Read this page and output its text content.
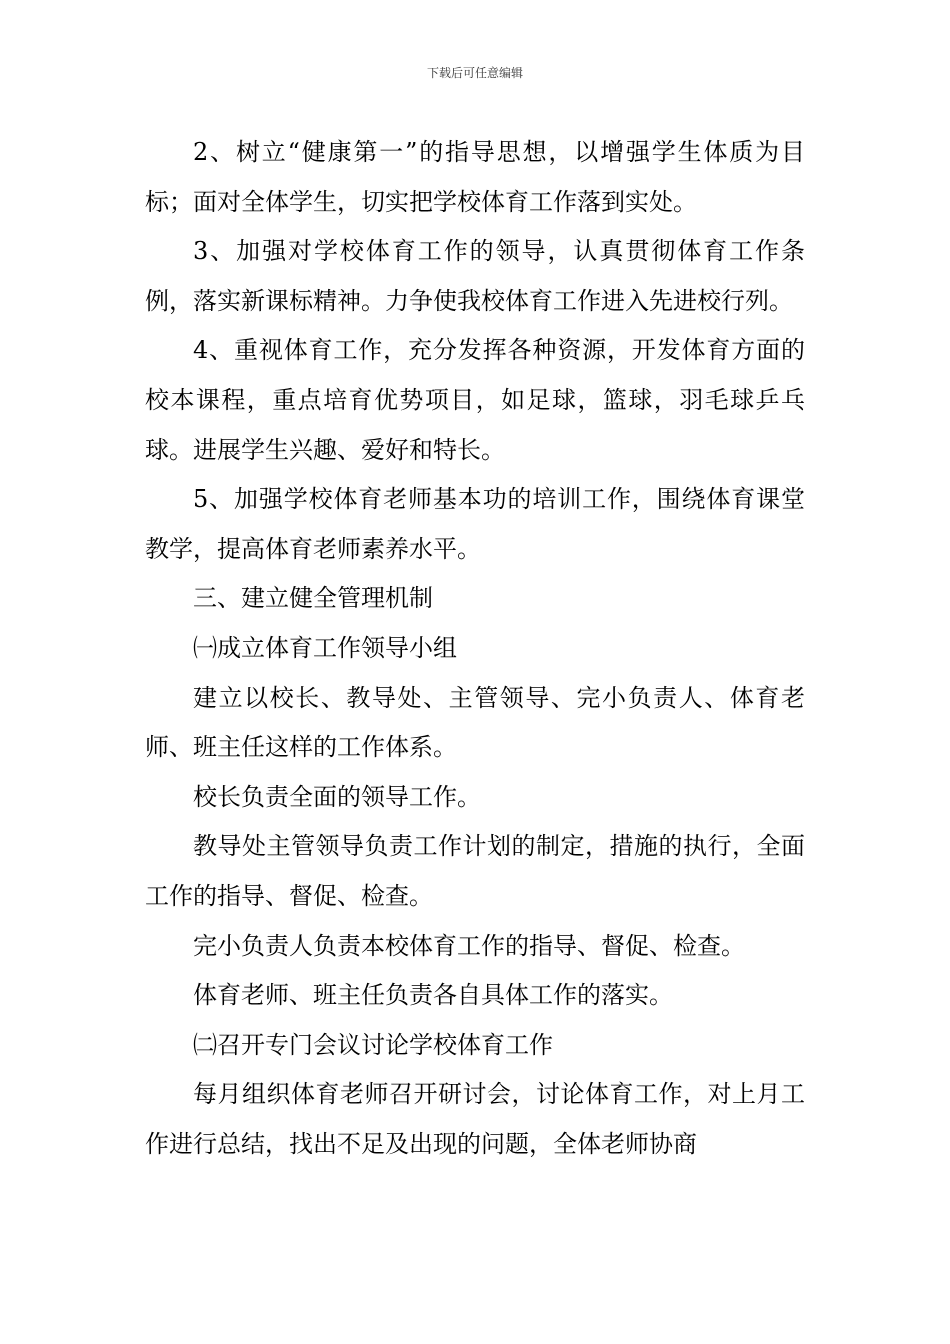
下载后可任意编辑

2、树立“健康第一”的指导思想，以增强学生体质为目标；面对全体学生，切实把学校体育工作落到实处。

3、加强对学校体育工作的领导，认真贯彻体育工作条例，落实新课标精神。力争使我校体育工作进入先进校行列。

4、重视体育工作，充分发挥各种资源，开发体育方面的校本课程，重点培育优势项目，如足球，篮球，羽毛球乒乓球。进展学生兴趣、爱好和特长。

5、加强学校体育老师基本功的培训工作，围绕体育课堂教学，提高体育老师素养水平。

三、建立健全管理机制

㈠成立体育工作领导小组

建立以校长、教导处、主管领导、完小负责人、体育老师、班主任这样的工作体系。

校长负责全面的领导工作。

教导处主管领导负责工作计划的制定，措施的执行，全面工作的指导、督促、检查。

完小负责人负责本校体育工作的指导、督促、检查。

体育老师、班主任负责各自具体工作的落实。

㈡召开专门会议讨论学校体育工作

每月组织体育老师召开研讨会，讨论体育工作，对上月工作进行总结，找出不足及出现的问题，全体老师协商
